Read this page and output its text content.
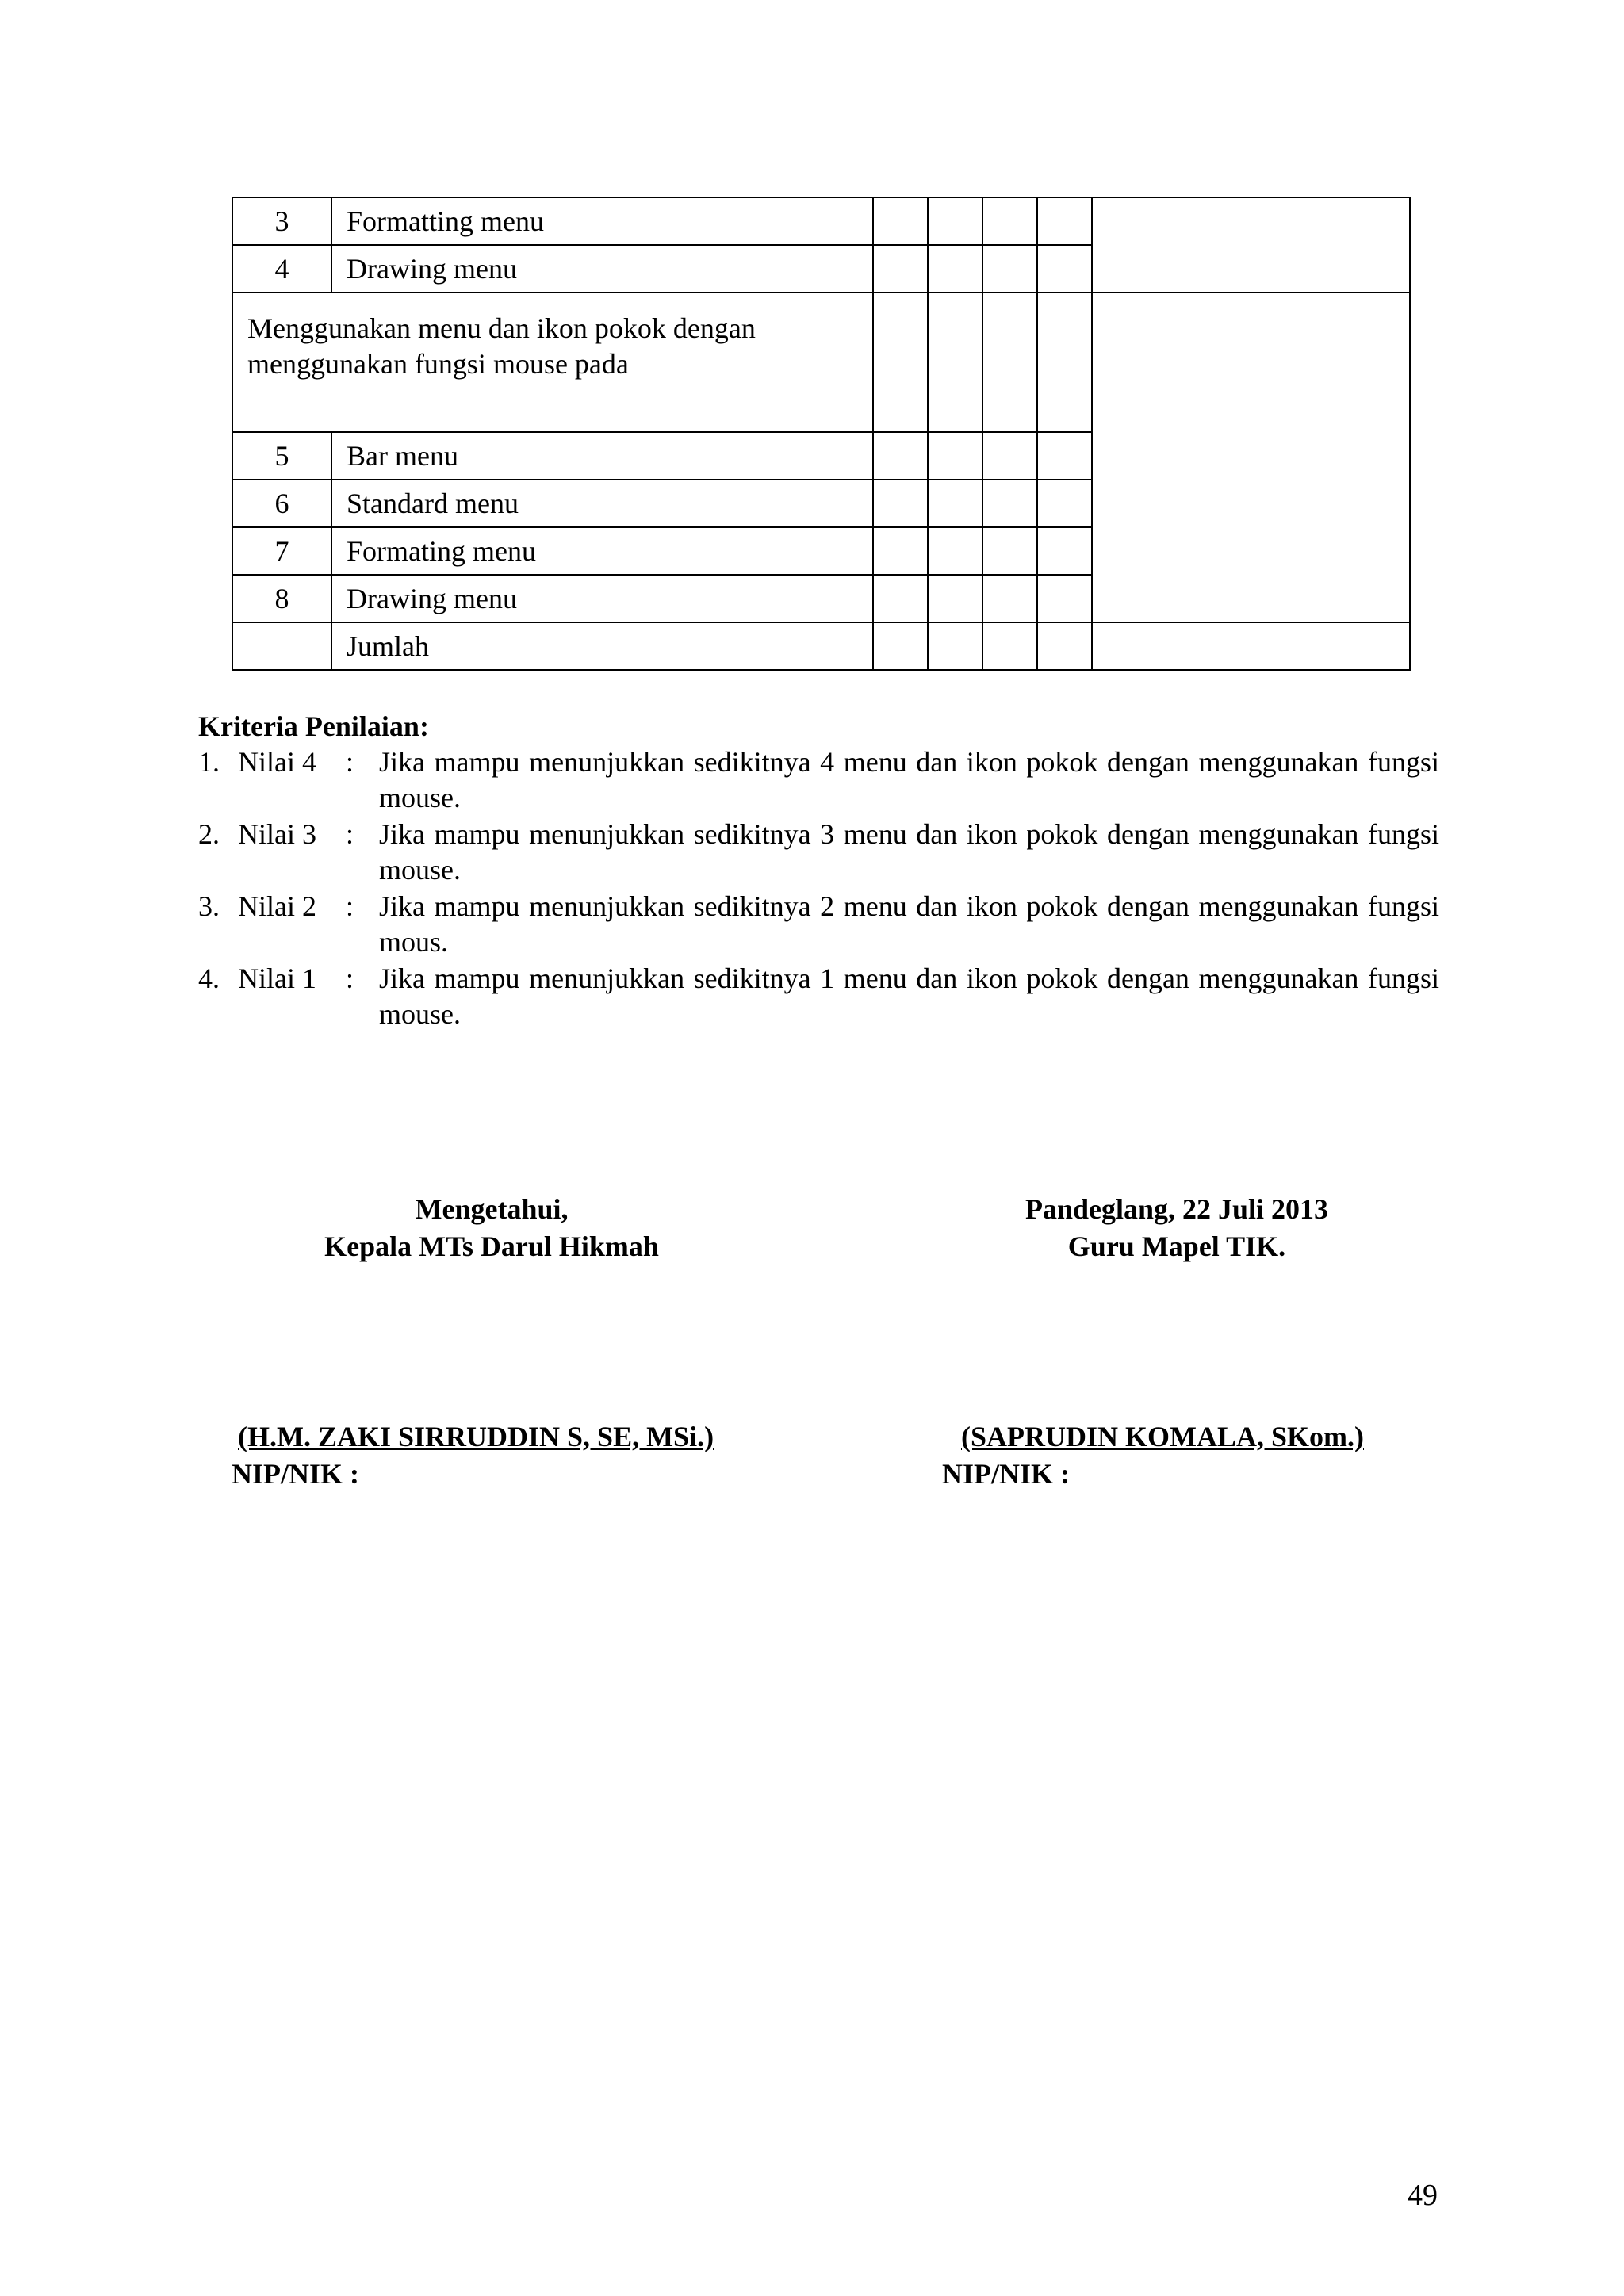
3	Formatting menu					
4	Drawing menu					
Menggunakan menu dan ikon pokok dengan menggunakan fungsi mouse pada						
5	Bar menu					
6	Standard menu					
7	Formating menu					
8	Drawing menu					
	Jumlah					
Kriteria Penilaian:
1. Nilai 4 : Jika mampu menunjukkan sedikitnya 4 menu dan ikon pokok dengan menggunakan fungsi mouse.
2. Nilai 3 : Jika mampu menunjukkan sedikitnya 3 menu dan ikon pokok dengan menggunakan fungsi mouse.
3. Nilai 2 : Jika mampu menunjukkan sedikitnya 2 menu dan ikon pokok dengan menggunakan fungsi mous.
4. Nilai 1 : Jika mampu menunjukkan sedikitnya 1 menu dan ikon pokok dengan menggunakan fungsi mouse.
Mengetahui,
Kepala MTs Darul Hikmah
(H.M. ZAKI SIRRUDDIN S, SE, MSi.)
NIP/NIK :
Pandeglang, 22 Juli 2013
Guru Mapel TIK.
(SAPRUDIN KOMALA, SKom.)
NIP/NIK :
49
